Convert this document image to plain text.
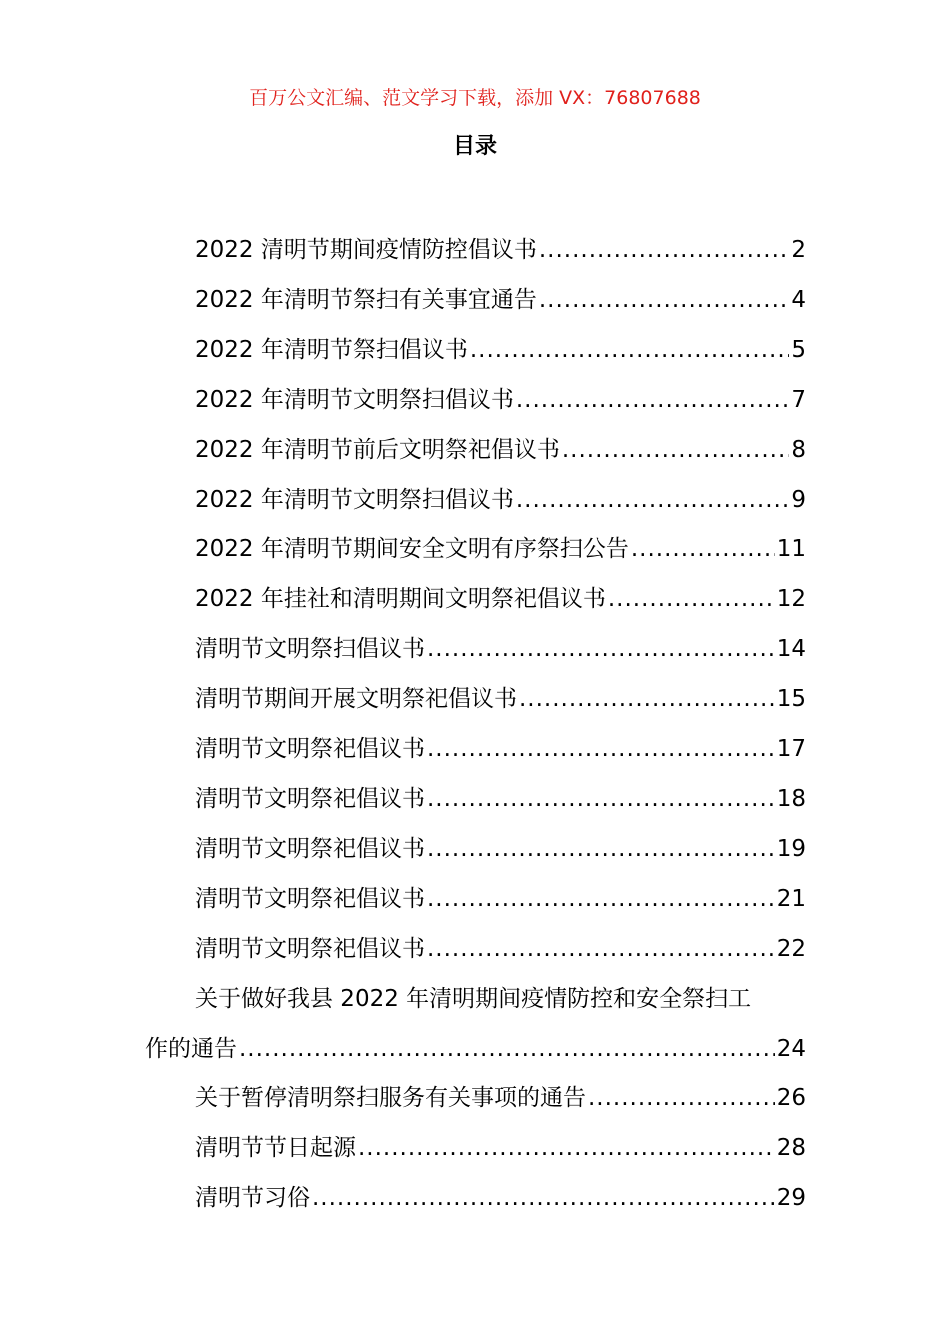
百万公文汇编、范文学习下载，添加 VX：76807688
目录
2022 清明节期间疫情防控倡议书 .....	2
2022 年清明节祭扫有关事宜通告 .....	4
2022 年清明节祭扫倡议书 .....	5
2022 年清明节文明祭扫倡议书 .....	7
2022 年清明节前后文明祭祀倡议书 .....	8
2022 年清明节文明祭扫倡议书 .....	9
2022 年清明节期间安全文明有序祭扫公告 .....	11
2022 年挂社和清明期间文明祭祀倡议书 .....	12
清明节文明祭扫倡议书 .....	14
清明节期间开展文明祭祀倡议书 .....	15
清明节文明祭祀倡议书 .....	17
清明节文明祭祀倡议书 .....	18
清明节文明祭祀倡议书 .....	19
清明节文明祭祀倡议书 .....	21
清明节文明祭祀倡议书 .....	22
关于做好我县 2022 年清明期间疫情防控和安全祭扫工
作的通告 .....	24
关于暂停清明祭扫服务有关事项的通告 .....	26
清明节节日起源 .....	28
清明节习俗 .....	29
